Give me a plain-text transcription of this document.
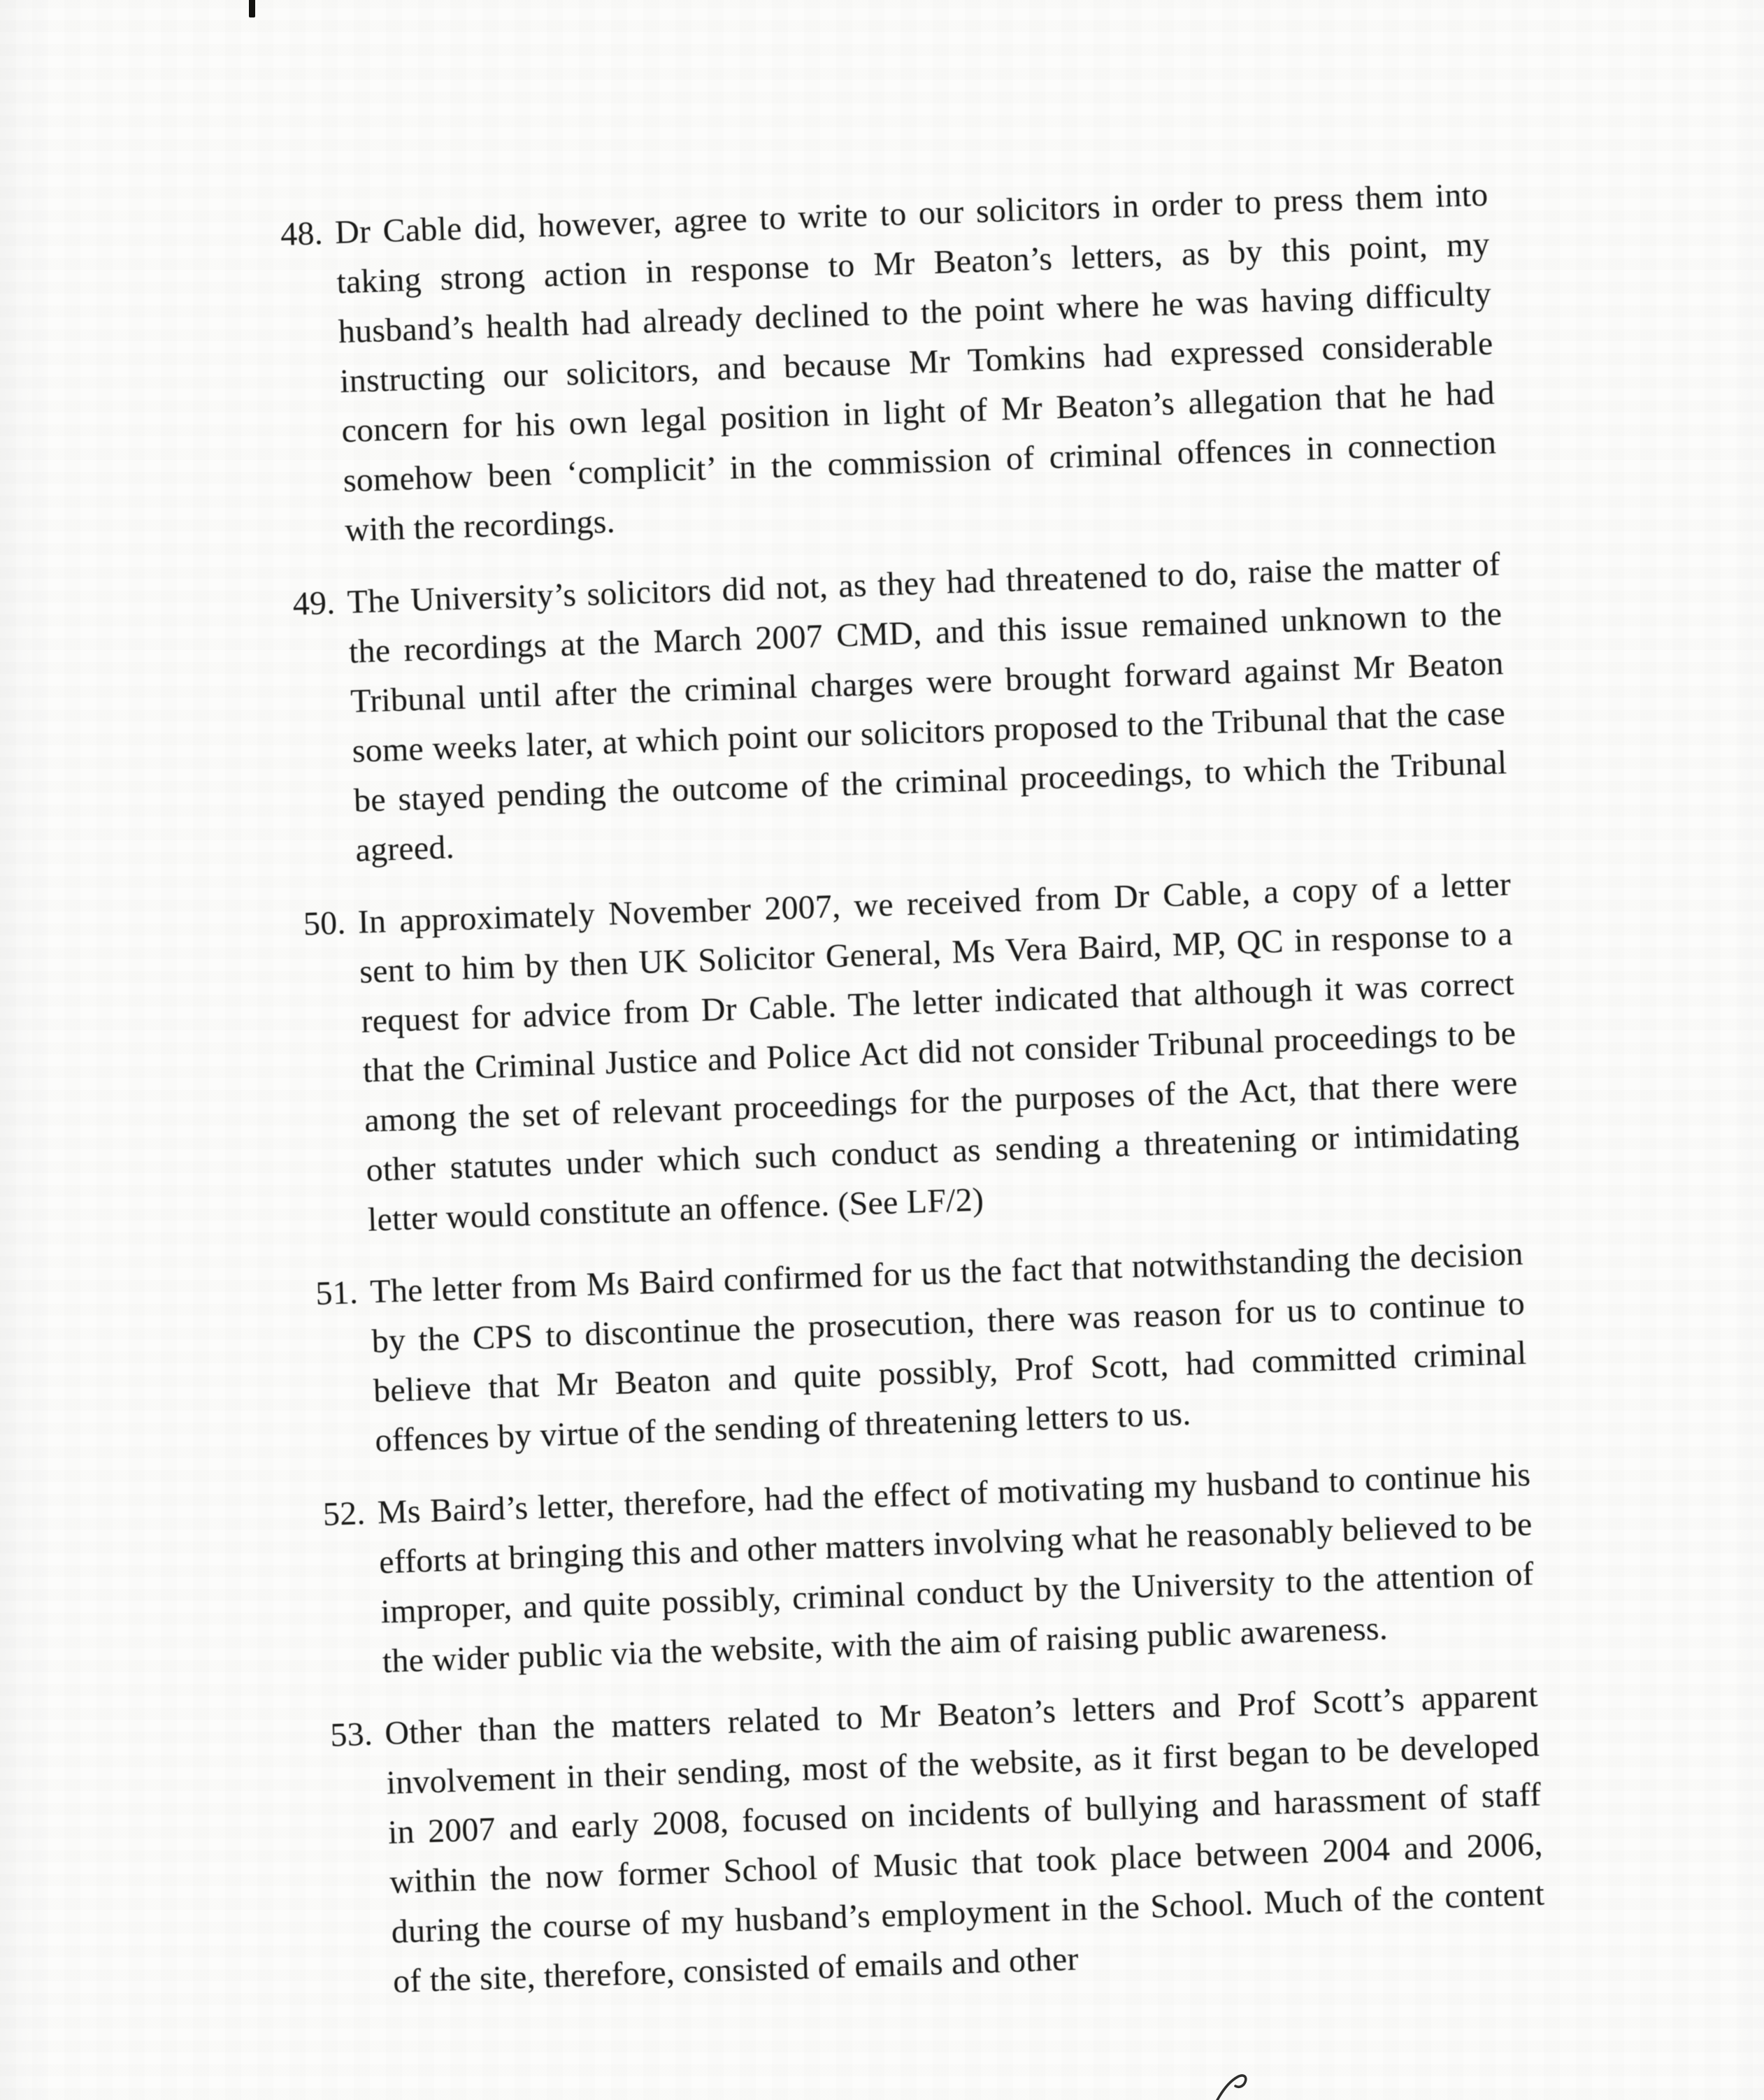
48. Dr Cable did, however, agree to write to our solicitors in order to press them into taking strong action in response to Mr Beaton’s letters, as by this point, my husband’s health had already declined to the point where he was having difficulty instructing our solicitors, and because Mr Tomkins had expressed considerable concern for his own legal position in light of Mr Beaton’s allegation that he had somehow been ‘complicit’ in the commission of criminal offences in connection with the recordings.
49. The University’s solicitors did not, as they had threatened to do, raise the matter of the recordings at the March 2007 CMD, and this issue remained unknown to the Tribunal until after the criminal charges were brought forward against Mr Beaton some weeks later, at which point our solicitors proposed to the Tribunal that the case be stayed pending the outcome of the criminal proceedings, to which the Tribunal agreed.
50. In approximately November 2007, we received from Dr Cable, a copy of a letter sent to him by then UK Solicitor General, Ms Vera Baird, MP, QC in response to a request for advice from Dr Cable. The letter indicated that although it was correct that the Criminal Justice and Police Act did not consider Tribunal proceedings to be among the set of relevant proceedings for the purposes of the Act, that there were other statutes under which such conduct as sending a threatening or intimidating letter would constitute an offence. (See LF/2)
51. The letter from Ms Baird confirmed for us the fact that notwithstanding the decision by the CPS to discontinue the prosecution, there was reason for us to continue to believe that Mr Beaton and quite possibly, Prof Scott, had committed criminal offences by virtue of the sending of threatening letters to us.
52. Ms Baird’s letter, therefore, had the effect of motivating my husband to continue his efforts at bringing this and other matters involving what he reasonably believed to be improper, and quite possibly, criminal conduct by the University to the attention of the wider public via the website, with the aim of raising public awareness.
53. Other than the matters related to Mr Beaton’s letters and Prof Scott’s apparent involvement in their sending, most of the website, as it first began to be developed in 2007 and early 2008, focused on incidents of bullying and harassment of staff within the now former School of Music that took place between 2004 and 2006, during the course of my husband’s employment in the School. Much of the content of the site, therefore, consisted of emails and other
